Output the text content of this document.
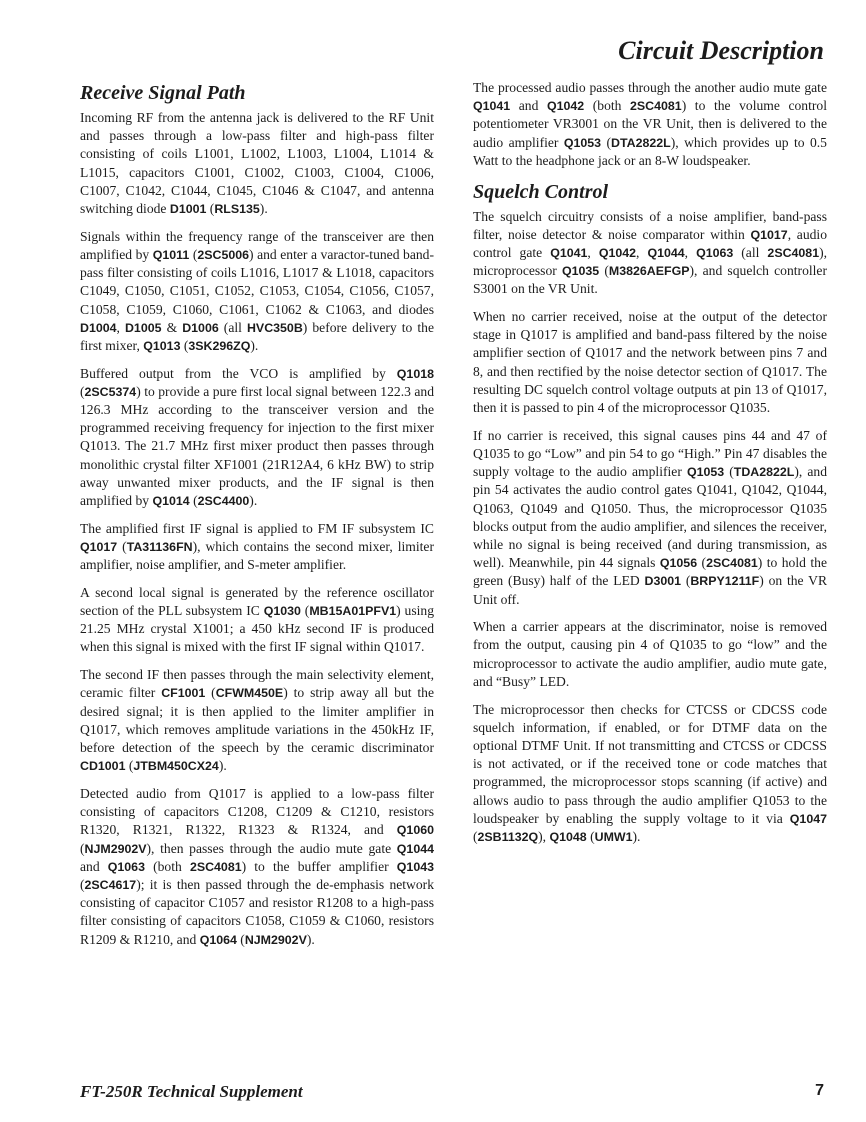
Circuit Description
Receive Signal Path

Incoming RF from the antenna jack is delivered to the RF Unit and passes through a low-pass filter and high-pass filter consisting of coils L1001, L1002, L1003, L1004, L1014 & L1015, capacitors C1001, C1002, C1003, C1004, C1006, C1007, C1042, C1044, C1045, C1046 & C1047, and antenna switching diode D1001 (RLS135).

Signals within the frequency range of the transceiver are then amplified by Q1011 (2SC5006) and enter a varactor-tuned band-pass filter consisting of coils L1016, L1017 & L1018, capacitors C1049, C1050, C1051, C1052, C1053, C1054, C1056, C1057, C1058, C1059, C1060, C1061, C1062 & C1063, and diodes D1004, D1005 & D1006 (all HVC350B) before delivery to the first mixer, Q1013 (3SK296ZQ).

Buffered output from the VCO is amplified by Q1018 (2SC5374) to provide a pure first local signal between 122.3 and 126.3 MHz according to the transceiver version and the programmed receiving frequency for injection to the first mixer Q1013. The 21.7 MHz first mixer product then passes through monolithic crystal filter XF1001 (21R12A4, 6 kHz BW) to strip away unwanted mixer products, and the IF signal is then amplified by Q1014 (2SC4400).

The amplified first IF signal is applied to FM IF subsystem IC Q1017 (TA31136FN), which contains the second mixer, limiter amplifier, noise amplifier, and S-meter amplifier.

A second local signal is generated by the reference oscillator section of the PLL subsystem IC Q1030 (MB15A01PFV1) using 21.25 MHz crystal X1001; a 450 kHz second IF is produced when this signal is mixed with the first IF signal within Q1017.

The second IF then passes through the main selectivity element, ceramic filter CF1001 (CFWM450E) to strip away all but the desired signal; it is then applied to the limiter amplifier in Q1017, which removes amplitude variations in the 450kHz IF, before detection of the speech by the ceramic discriminator CD1001 (JTBM450CX24).

Detected audio from Q1017 is applied to a low-pass filter consisting of capacitors C1208, C1209 & C1210, resistors R1320, R1321, R1322, R1323 & R1324, and Q1060 (NJM2902V), then passes through the audio mute gate Q1044 and Q1063 (both 2SC4081) to the buffer amplifier Q1043 (2SC4617); it is then passed through the de-emphasis network consisting of capacitor C1057 and resistor R1208 to a high-pass filter consisting of capacitors C1058, C1059 & C1060, resistors R1209 & R1210, and Q1064 (NJM2902V).

The processed audio passes through the another audio mute gate Q1041 and Q1042 (both 2SC4081) to the volume control potentiometer VR3001 on the VR Unit, then is delivered to the audio amplifier Q1053 (DTA2822L), which provides up to 0.5 Watt to the headphone jack or an 8-W loudspeaker.

Squelch Control

The squelch circuitry consists of a noise amplifier, band-pass filter, noise detector & noise comparator within Q1017, audio control gate Q1041, Q1042, Q1044, Q1063 (all 2SC4081), microprocessor Q1035 (M3826AEFGP), and squelch controller S3001 on the VR Unit.

When no carrier received, noise at the output of the detector stage in Q1017 is amplified and band-pass filtered by the noise amplifier section of Q1017 and the network between pins 7 and 8, and then rectified by the noise detector section of Q1017. The resulting DC squelch control voltage outputs at pin 13 of Q1017, then it is passed to pin 4 of the microprocessor Q1035.

If no carrier is received, this signal causes pins 44 and 47 of Q1035 to go “Low” and pin 54 to go “High.” Pin 47 disables the supply voltage to the audio amplifier Q1053 (TDA2822L), and pin 54 activates the audio control gates Q1041, Q1042, Q1044, Q1063, Q1049 and Q1050. Thus, the microprocessor Q1035 blocks output from the audio amplifier, and silences the receiver, while no signal is being received (and during transmission, as well). Meanwhile, pin 44 signals Q1056 (2SC4081) to hold the green (Busy) half of the LED D3001 (BRPY1211F) on the VR Unit off.

When a carrier appears at the discriminator, noise is removed from the output, causing pin 4 of Q1035 to go “low” and the microprocessor to activate the audio amplifier, audio mute gate, and “Busy” LED.

The microprocessor then checks for CTCSS or CDCSS code squelch information, if enabled, or for DTMF data on the optional DTMF Unit. If not transmitting and CTCSS or CDCSS is not activated, or if the received tone or code matches that programmed, the microprocessor stops scanning (if active) and allows audio to pass through the audio amplifier Q1053 to the loudspeaker by enabling the supply voltage to it via Q1047 (2SB1132Q), Q1048 (UMW1).

FT-250R Technical Supplement	7
